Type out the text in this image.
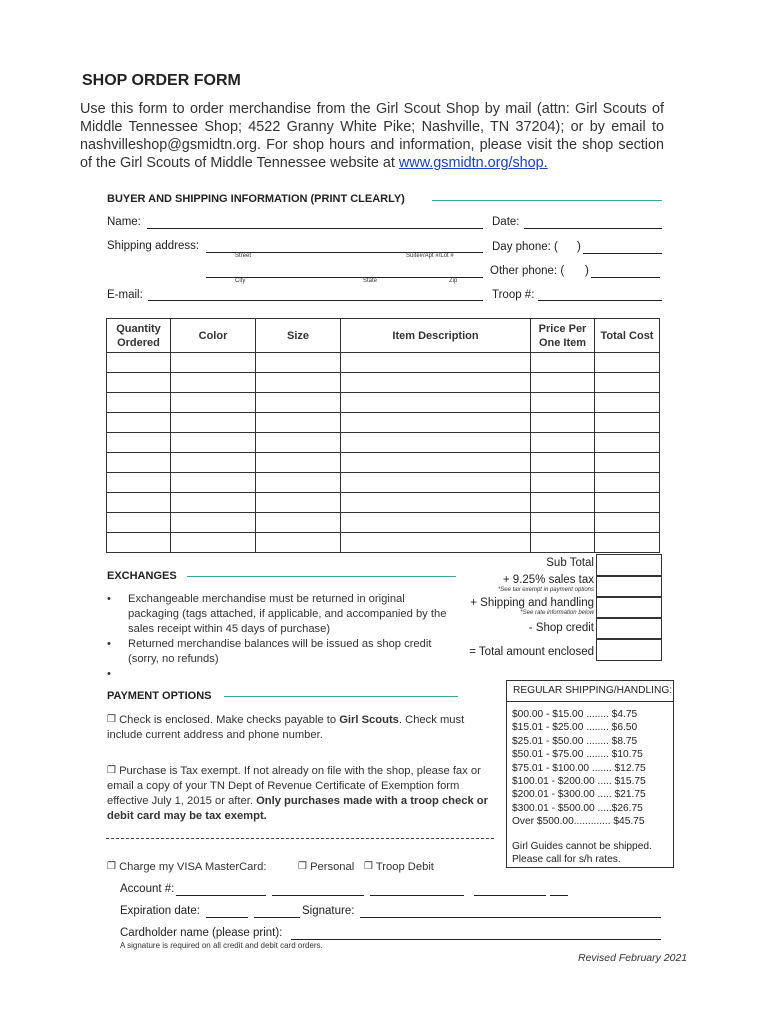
SHOP ORDER FORM

Use this form to order merchandise from the Girl Scout Shop by mail (attn: Girl Scouts of Middle Tennessee Shop; 4522 Granny White Pike; Nashville, TN 37204); or by email to nashvilleshop@gsmidtn.org. For shop hours and information, please visit the shop section of the Girl Scouts of Middle Tennessee website at www.gsmidtn.org/shop.

BUYER AND SHIPPING INFORMATION (PRINT CLEARLY)
Name:	Date:
Shipping address:
Street	Suite#/Apt #/Lot #
Day phone: ( )
City	State	Zip
Other phone: ( )
E-mail:	Troop #:
Quantity Ordered	Color	Size	Item Description	Price Per One Item	Total Cost

Sub Total
+ 9.25% sales tax
*See tax exempt in payment options
+ Shipping and handling
*See rate information below
- Shop credit
= Total amount enclosed
EXCHANGES
• Exchangeable merchandise must be returned in original packaging (tags attached, if applicable, and accompanied by the sales receipt within 45 days of purchase)
• Returned merchandise balances will be issued as shop credit (sorry, no refunds)
•
PAYMENT OPTIONS
❒ Check is enclosed. Make checks payable to Girl Scouts. Check must include current address and phone number.
❒ Purchase is Tax exempt. If not already on file with the shop, please fax or email a copy of your TN Dept of Revenue Certificate of Exemption form effective July 1, 2015 or after. Only purchases made with a troop check or debit card may be tax exempt.
❒ Charge my VISA MasterCard:	❒ Personal ❒ Troop Debit
Account #:
Expiration date:	Signature:
Cardholder name (please print):
A signature is required on all credit and debit card orders.
REGULAR SHIPPING/HANDLING:
$00.00 - $15.00 ........ $4.75
$15.01 - $25.00 ........ $6.50
$25.01 - $50.00 ........ $8.75
$50.01 - $75.00 ........ $10.75
$75.01 - $100.00 ....... $12.75
$100.01 - $200.00 ..... $15.75
$200.01 - $300.00 ..... $21.75
$300.01 - $500.00 .....$26.75
Over $500.00............. $45.75
Girl Guides cannot be shipped. Please call for s/h rates.
Revised February 2021
